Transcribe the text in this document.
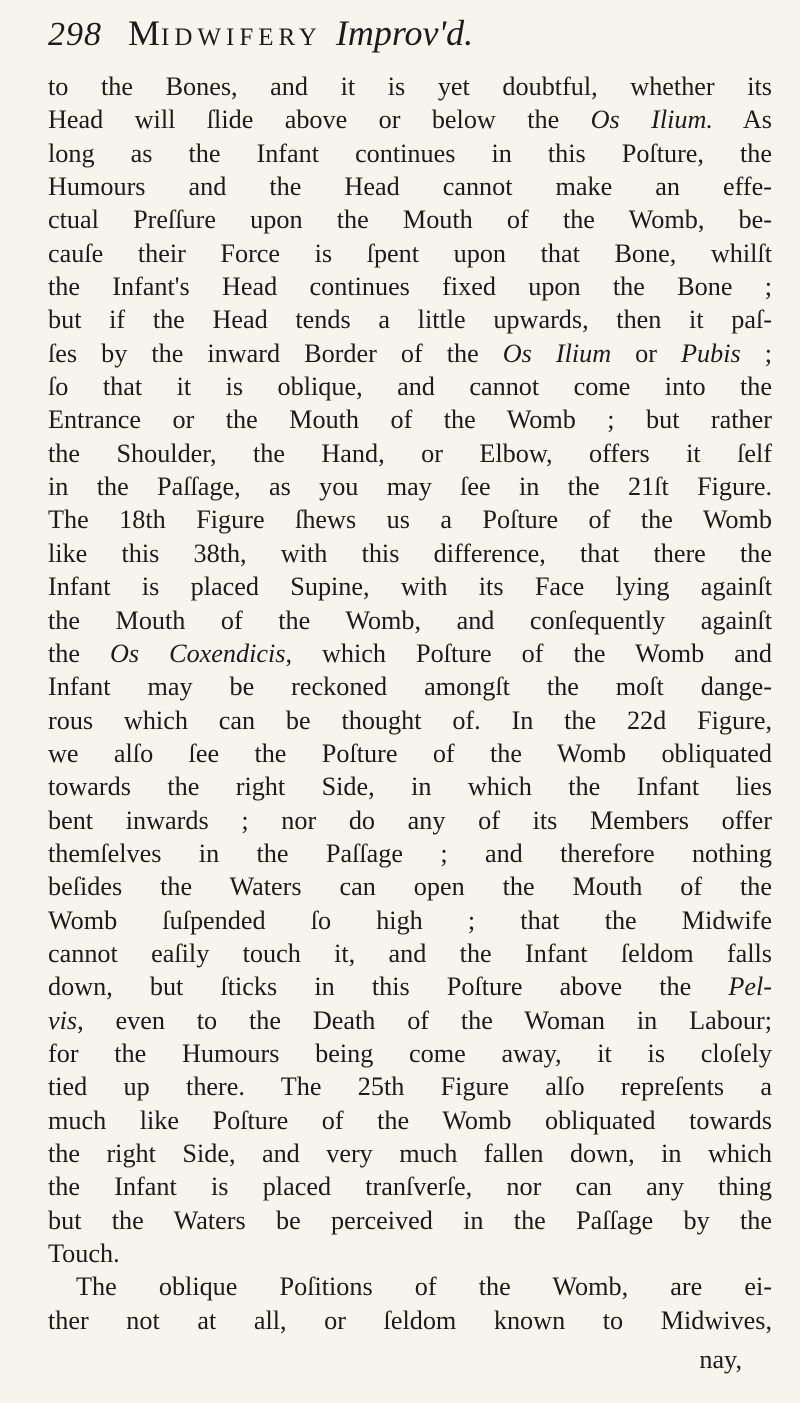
298 Midwifery Improv'd.
to the Bones, and it is yet doubtful, whether its
Head will ſlide above or below the Os Ilium. As
long as the Infant continues in this Poſture, the
Humours and the Head cannot make an effe-
ctual Preſſure upon the Mouth of the Womb, be-
cauſe their Force is ſpent upon that Bone, whilſt
the Infant's Head continues fixed upon the Bone ;
but if the Head tends a little upwards, then it paſ-
ſes by the inward Border of the Os Ilium or Pubis ;
ſo that it is oblique, and cannot come into the
Entrance or the Mouth of the Womb ; but rather
the Shoulder, the Hand, or Elbow, offers it ſelf
in the Paſſage, as you may ſee in the 21ſt Figure.
The 18th Figure ſhews us a Poſture of the Womb
like this 38th, with this difference, that there the
Infant is placed Supine, with its Face lying againſt
the Mouth of the Womb, and conſequently againſt
the Os Coxendicis, which Poſture of the Womb and
Infant may be reckoned amongſt the moſt dange-
rous which can be thought of. In the 22d Figure,
we alſo ſee the Poſture of the Womb obliquated
towards the right Side, in which the Infant lies
bent inwards ; nor do any of its Members offer
themſelves in the Paſſage ; and therefore nothing
beſides the Waters can open the Mouth of the
Womb ſuſpended ſo high ; that the Midwife
cannot eaſily touch it, and the Infant ſeldom falls
down, but ſticks in this Poſture above the Pel-
vis, even to the Death of the Woman in Labour;
for the Humours being come away, it is cloſely
tied up there. The 25th Figure alſo repreſents a
much like Poſture of the Womb obliquated towards
the right Side, and very much fallen down, in which
the Infant is placed tranſverſe, nor can any thing
but the Waters be perceived in the Paſſage by the
Touch.
The oblique Poſitions of the Womb, are ei-
ther not at all, or ſeldom known to Midwives,
nay,
